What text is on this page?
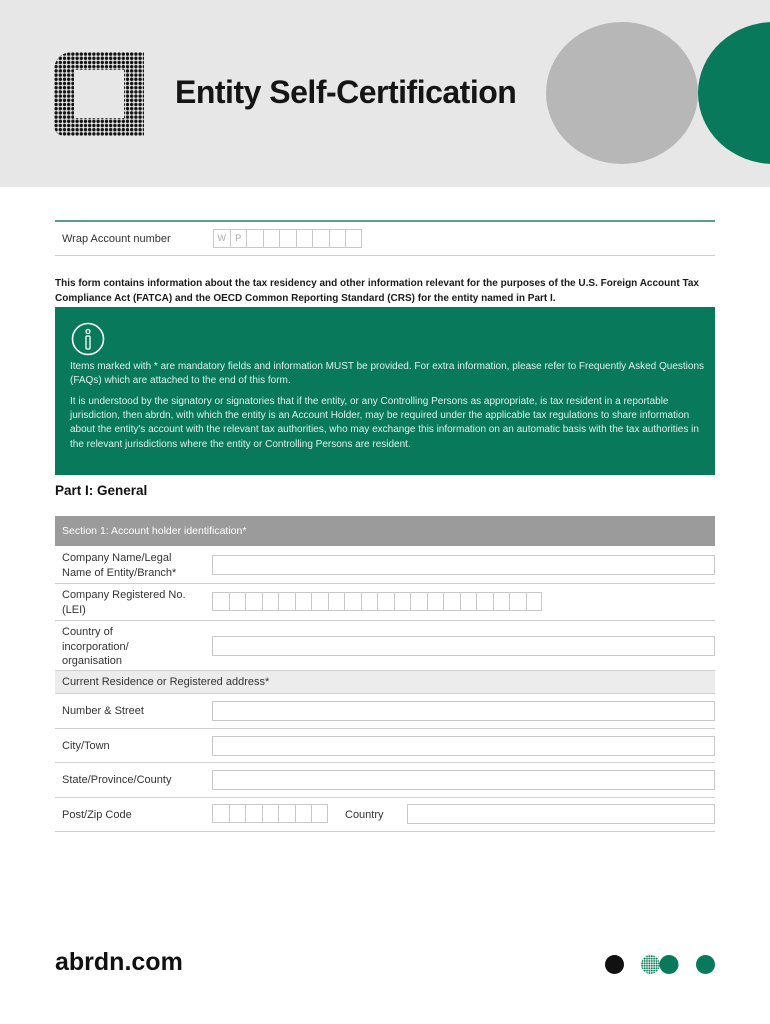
Entity Self-Certification
Wrap Account number	W	P
This form contains information about the tax residency and other information relevant for the purposes of the U.S. Foreign Account Tax Compliance Act (FATCA) and the OECD Common Reporting Standard (CRS) for the entity named in Part I.
Items marked with * are mandatory fields and information MUST be provided. For extra information, please refer to Frequently Asked Questions (FAQs) which are attached to the end of this form.
It is understood by the signatory or signatories that if the entity, or any Controlling Persons as appropriate, is tax resident in a reportable jurisdiction, then abrdn, with which the entity is an Account Holder, may be required under the applicable tax regulations to share information about the entity's account with the relevant tax authorities, who may exchange this information on an automatic basis with the tax authorities in the relevant jurisdictions where the entity or Controlling Persons are resident.
Part I: General
Section 1: Account holder identification*
Company Name/Legal Name of Entity/Branch*
Company Registered No. (LEI)
Country of incorporation/ organisation
Current Residence or Registered address*
Number & Street
City/Town
State/Province/County
Post/Zip Code	Country
abrdn.com
